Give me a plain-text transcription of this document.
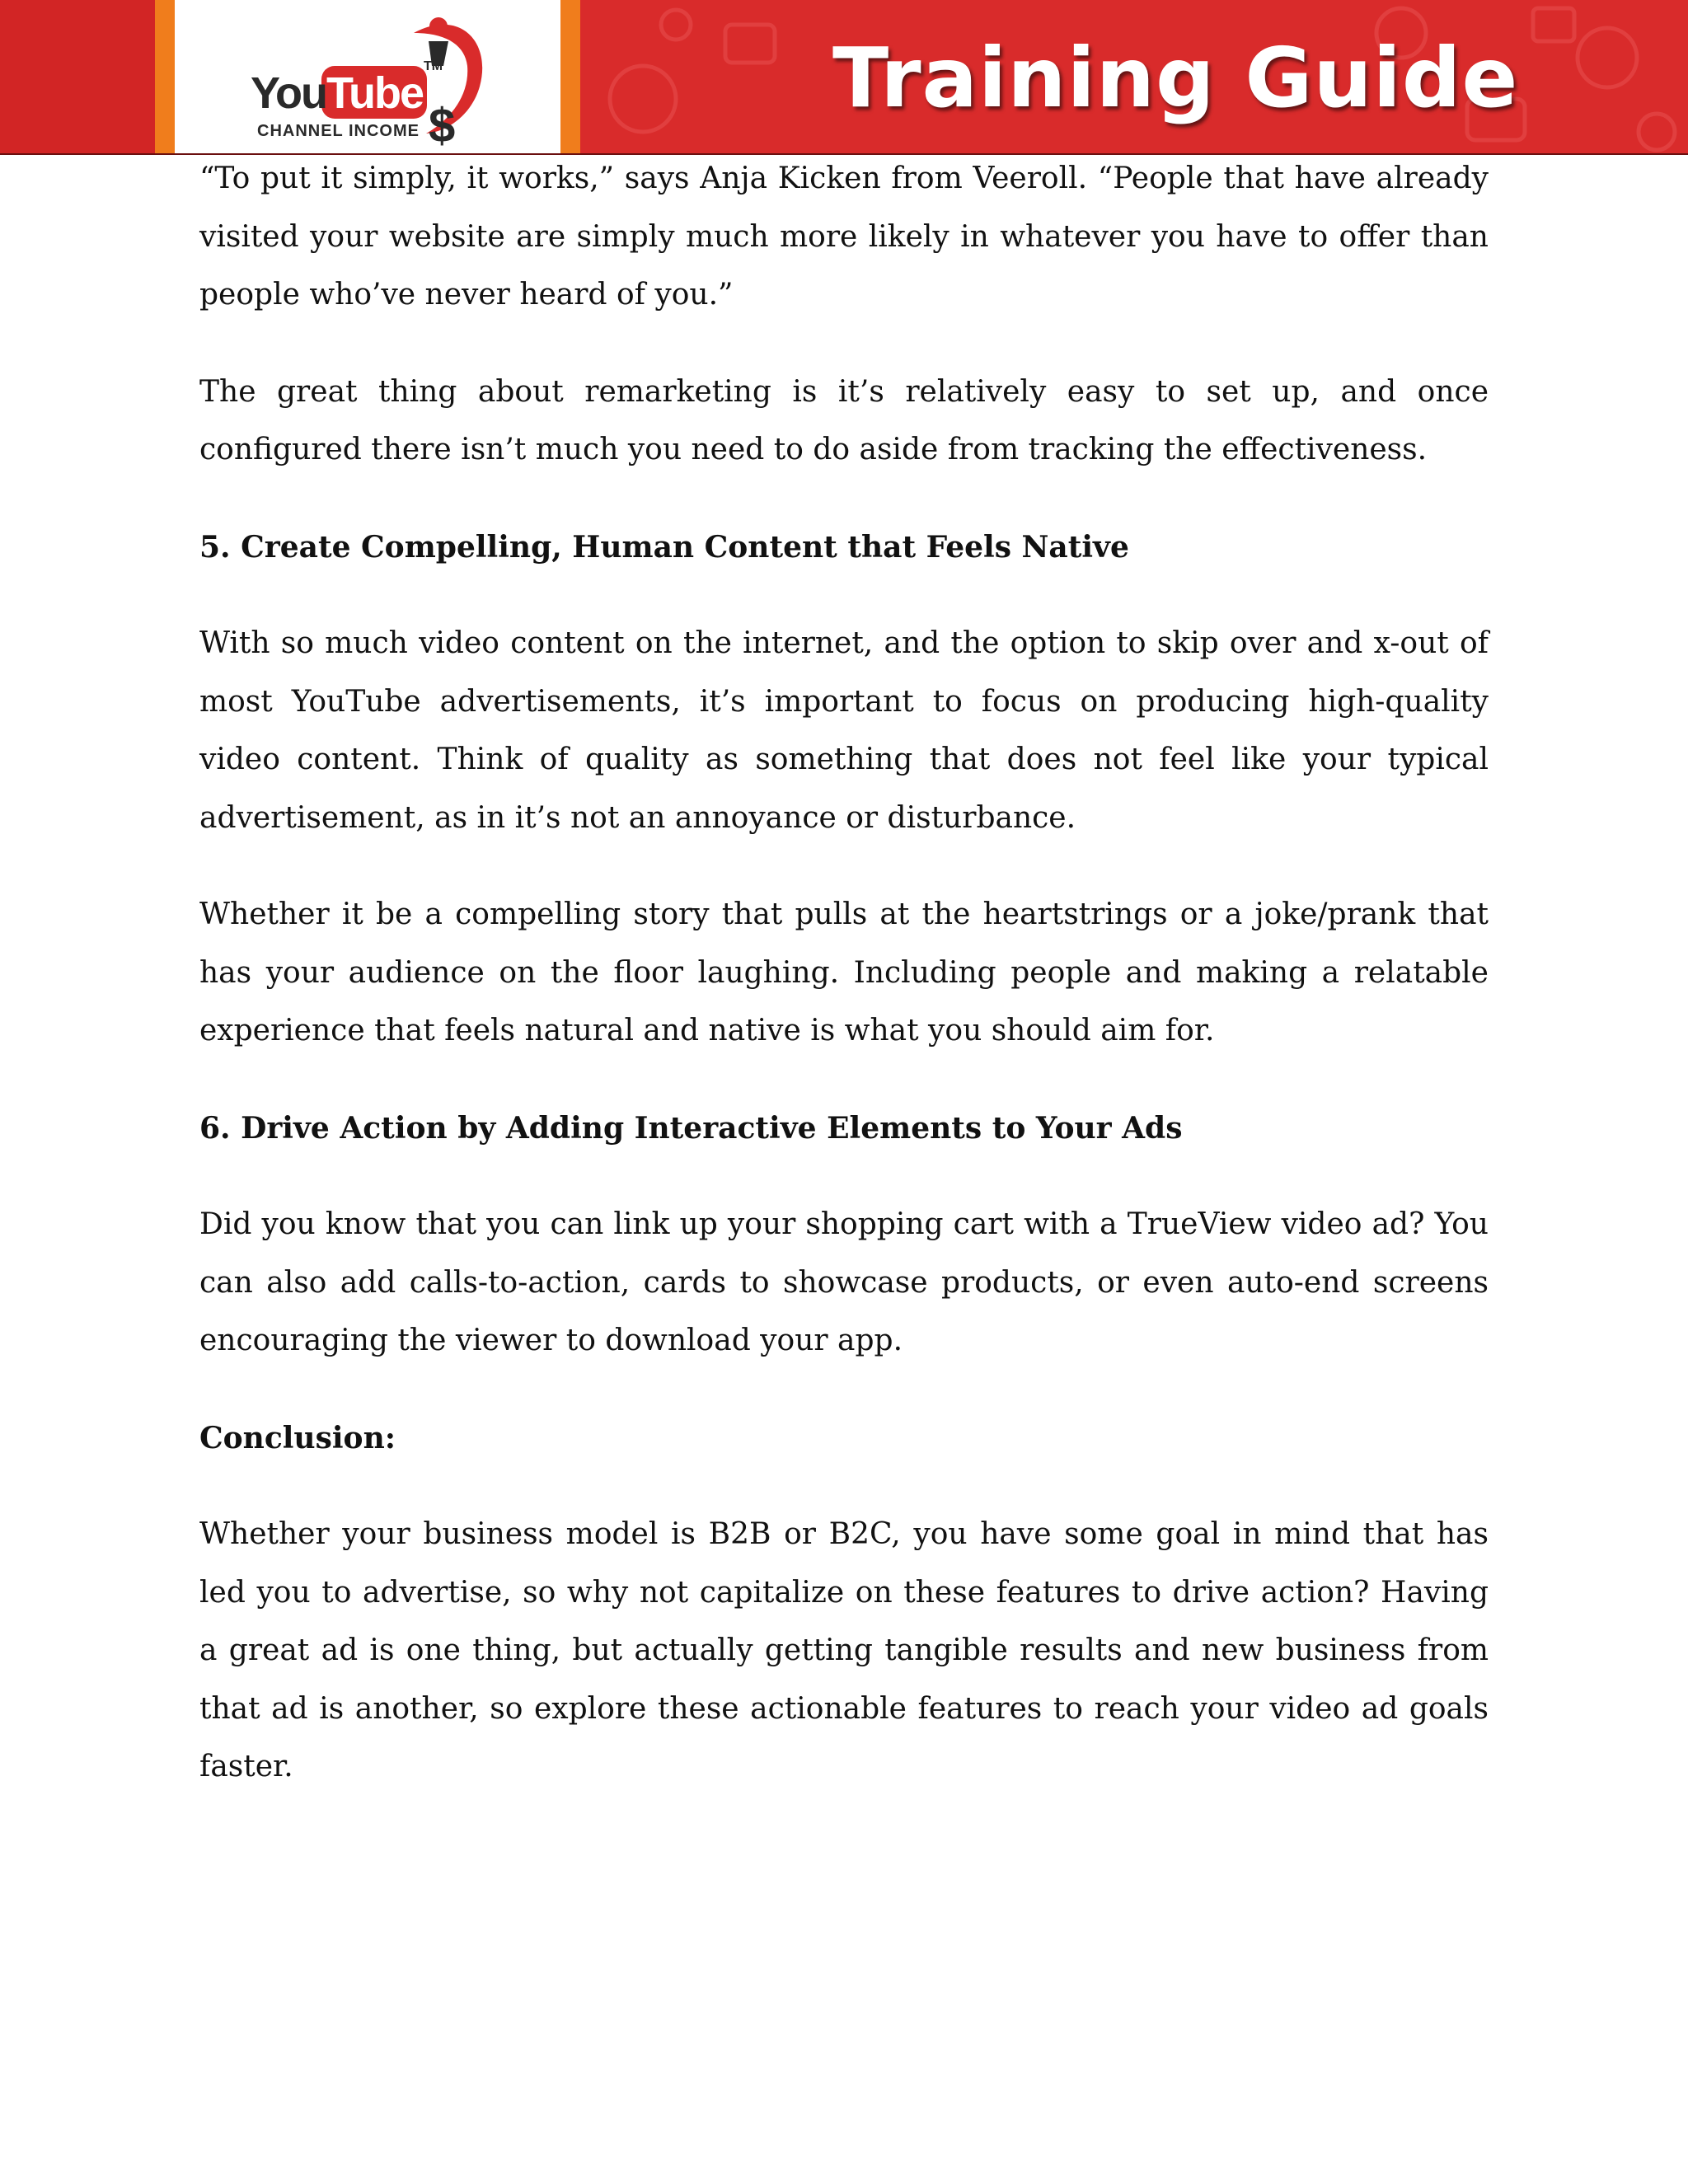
$
You Tube
TM
CHANNEL INCOME
Training Guide

“To put it simply, it works,” says Anja Kicken from Veeroll. “People that have already visited your website are simply much more likely in whatever you have to offer than people who’ve never heard of you.”

The great thing about remarketing is it’s relatively easy to set up, and once configured there isn’t much you need to do aside from tracking the effectiveness.

5. Create Compelling, Human Content that Feels Native

With so much video content on the internet, and the option to skip over and x-out of most YouTube advertisements, it’s important to focus on producing high-quality video content. Think of quality as something that does not feel like your typical advertisement, as in it’s not an annoyance or disturbance.

Whether it be a compelling story that pulls at the heartstrings or a joke/prank that has your audience on the floor laughing. Including people and making a relatable experience that feels natural and native is what you should aim for.

6. Drive Action by Adding Interactive Elements to Your Ads

Did you know that you can link up your shopping cart with a TrueView video ad? You can also add calls-to-action, cards to showcase products, or even auto-end screens encouraging the viewer to download your app.

Conclusion:

Whether your business model is B2B or B2C, you have some goal in mind that has led you to advertise, so why not capitalize on these features to drive action? Having a great ad is one thing, but actually getting tangible results and new business from that ad is another, so explore these actionable features to reach your video ad goals faster.
